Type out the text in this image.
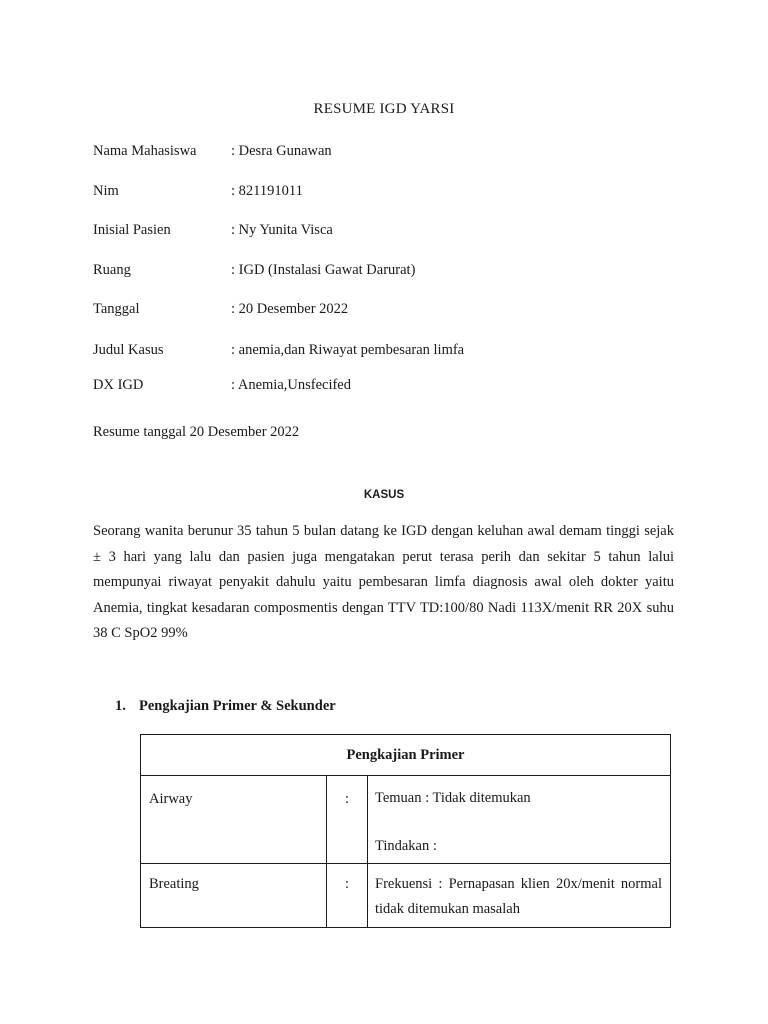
RESUME IGD YARSI
Nama Mahasiswa	: Desra Gunawan
Nim	: 821191011
Inisial Pasien	: Ny Yunita Visca
Ruang	: IGD (Instalasi Gawat Darurat)
Tanggal	: 20 Desember 2022
Judul Kasus	: anemia,dan Riwayat pembesaran limfa
DX IGD	: Anemia,Unsfecifed
Resume tanggal 20 Desember 2022
KASUS
Seorang wanita berunur 35 tahun 5 bulan datang ke IGD dengan keluhan awal demam tinggi sejak ± 3 hari yang lalu dan pasien juga mengatakan perut terasa perih dan sekitar 5 tahun lalui mempunyai riwayat penyakit dahulu yaitu pembesaran limfa diagnosis awal oleh dokter yaitu Anemia, tingkat kesadaran composmentis dengan TTV TD:100/80 Nadi 113X/menit RR 20X suhu 38 C SpO2 99%
1. Pengkajian Primer & Sekunder
Pengkajian Primer		
Airway	:	Temuan : Tidak ditemukan
Tindakan :
Breating	:	Frekuensi : Pernapasan klien 20x/menit normal tidak ditemukan masalah
